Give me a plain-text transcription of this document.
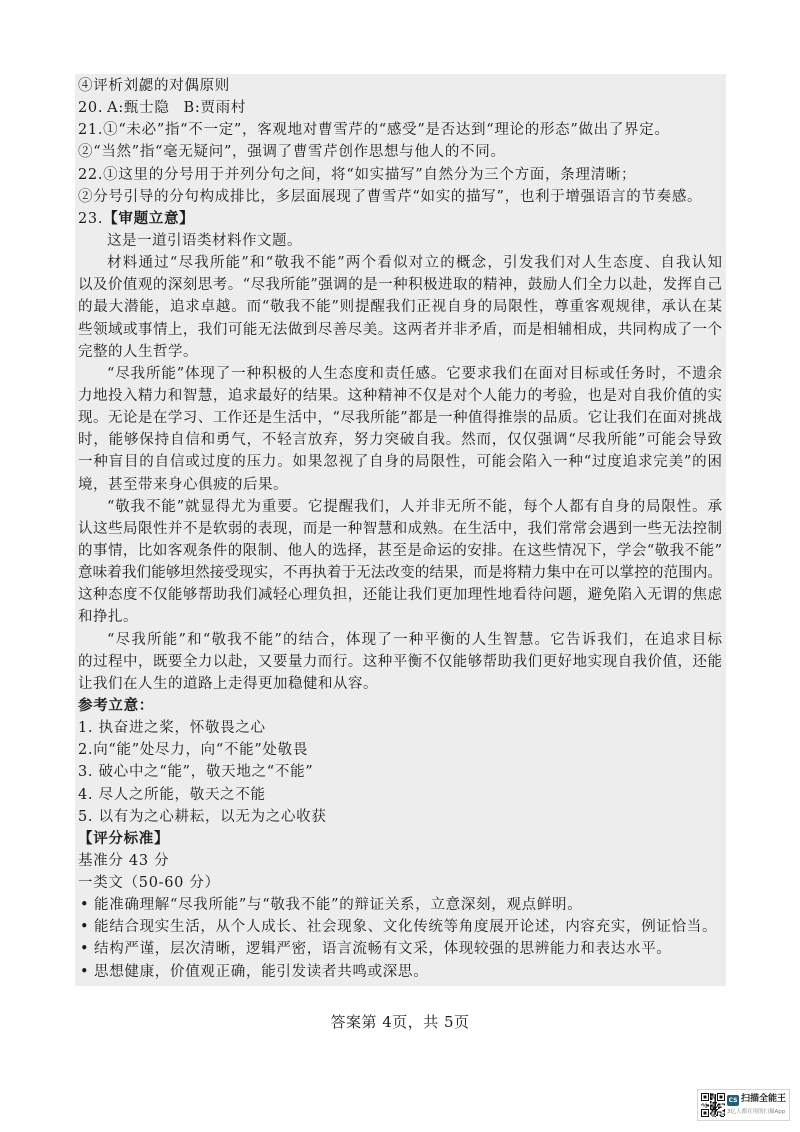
④评析刘勰的对偶原则
20. A:甄士隐 B:贾雨村
21.①“未必”指“不一定”，客观地对曹雪芹的“感受”是否达到“理论的形态”做出了界定。
②“当然”指“毫无疑问”，强调了曹雪芹创作思想与他人的不同。
22.①这里的分号用于并列分句之间，将“如实描写”自然分为三个方面，条理清晰；
②分号引导的分句构成排比，多层面展现了曹雪芹“如实的描写”，也利于增强语言的节奏感。
23.【审题立意】
这是一道引语类材料作文题。
材料通过“尽我所能”和“敬我不能”两个看似对立的概念，引发我们对人生态度、自我认知
以及价值观的深刻思考。“尽我所能”强调的是一种积极进取的精神，鼓励人们全力以赴，发挥自己
的最大潜能，追求卓越。而“敬我不能”则提醒我们正视自身的局限性，尊重客观规律，承认在某
些领域或事情上，我们可能无法做到尽善尽美。这两者并非矛盾，而是相辅相成，共同构成了一个
完整的人生哲学。
“尽我所能”体现了一种积极的人生态度和责任感。它要求我们在面对目标或任务时，不遗余
力地投入精力和智慧，追求最好的结果。这种精神不仅是对个人能力的考验，也是对自我价值的实
现。无论是在学习、工作还是生活中，“尽我所能”都是一种值得推崇的品质。它让我们在面对挑战
时，能够保持自信和勇气，不轻言放弃，努力突破自我。然而，仅仅强调“尽我所能”可能会导致
一种盲目的自信或过度的压力。如果忽视了自身的局限性，可能会陷入一种“过度追求完美”的困
境，甚至带来身心俱疲的后果。
“敬我不能”就显得尤为重要。它提醒我们，人并非无所不能，每个人都有自身的局限性。承
认这些局限性并不是软弱的表现，而是一种智慧和成熟。在生活中，我们常常会遇到一些无法控制
的事情，比如客观条件的限制、他人的选择，甚至是命运的安排。在这些情况下，学会“敬我不能”
意味着我们能够坦然接受现实，不再执着于无法改变的结果，而是将精力集中在可以掌控的范围内。
这种态度不仅能够帮助我们减轻心理负担，还能让我们更加理性地看待问题，避免陷入无谓的焦虑
和挣扎。
“尽我所能”和“敬我不能”的结合，体现了一种平衡的人生智慧。它告诉我们，在追求目标
的过程中，既要全力以赴，又要量力而行。这种平衡不仅能够帮助我们更好地实现自我价值，还能
让我们在人生的道路上走得更加稳健和从容。
参考立意：
1. 执奋进之桨，怀敬畏之心
2.向“能”处尽力，向“不能”处敬畏
3. 破心中之“能”，敬天地之“不能”
4. 尽人之所能，敬天之不能
5. 以有为之心耕耘，以无为之心收获
【评分标准】
基准分 43 分
一类文（50-60 分）
• 能准确理解“尽我所能”与“敬我不能”的辩证关系，立意深刻，观点鲜明。
• 能结合现实生活，从个人成长、社会现象、文化传统等角度展开论述，内容充实，例证恰当。
• 结构严谨，层次清晰，逻辑严密，语言流畅有文采，体现较强的思辨能力和表达水平。
• 思想健康，价值观正确，能引发读者共鸣或深思。
答案第 4页，共 5页
CS 扫描全能王
3亿人都在用的扫描App
